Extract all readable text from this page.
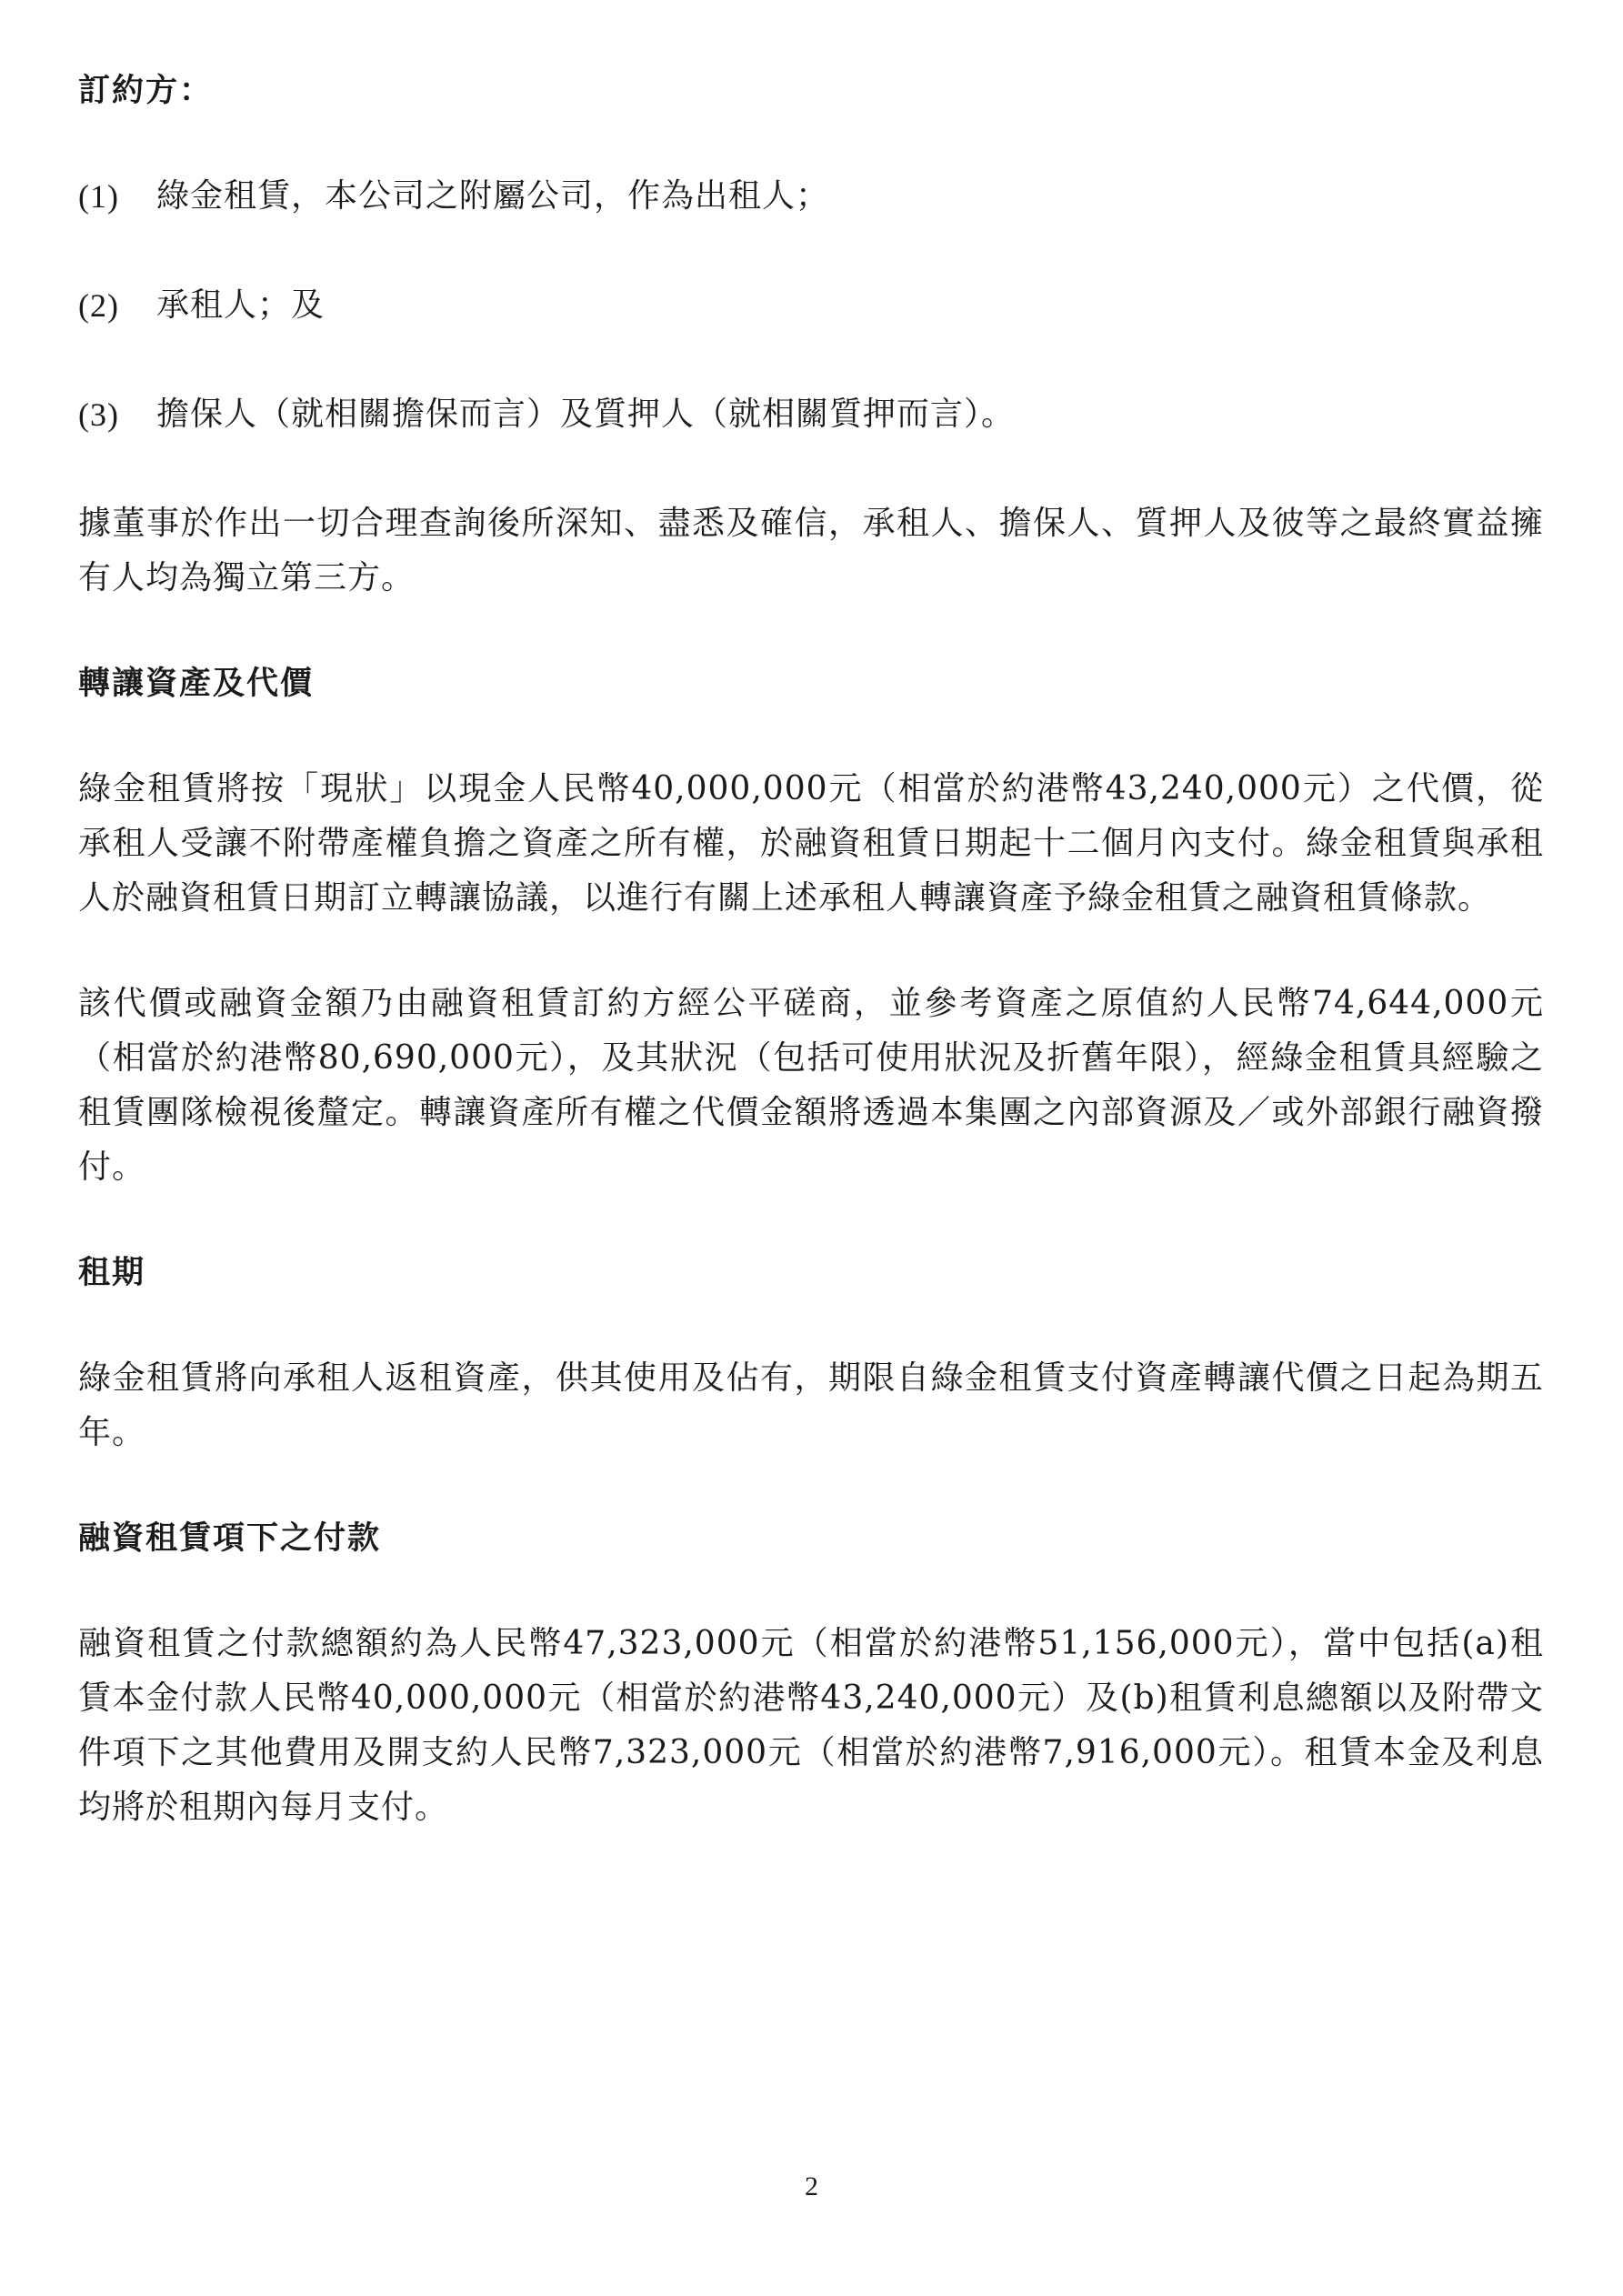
訂約方：
(1)	綠金租賃，本公司之附屬公司，作為出租人；
(2)	承租人；及
(3)	擔保人（就相關擔保而言）及質押人（就相關質押而言）。

據董事於作出一切合理查詢後所深知、盡悉及確信，承租人、擔保人、質押人及彼等之最終實益擁有人均為獨立第三方。

轉讓資產及代價

綠金租賃將按「現狀」以現金人民幣40,000,000元（相當於約港幣43,240,000元）之代價，從承租人受讓不附帶產權負擔之資產之所有權，於融資租賃日期起十二個月內支付。綠金租賃與承租人於融資租賃日期訂立轉讓協議，以進行有關上述承租人轉讓資產予綠金租賃之融資租賃條款。

該代價或融資金額乃由融資租賃訂約方經公平磋商，並參考資產之原值約人民幣74,644,000元（相當於約港幣80,690,000元），及其狀況（包括可使用狀況及折舊年限），經綠金租賃具經驗之租賃團隊檢視後釐定。轉讓資產所有權之代價金額將透過本集團之內部資源及／或外部銀行融資撥付。

租期

綠金租賃將向承租人返租資產，供其使用及佔有，期限自綠金租賃支付資產轉讓代價之日起為期五年。

融資租賃項下之付款

融資租賃之付款總額約為人民幣47,323,000元（相當於約港幣51,156,000元），當中包括(a)租賃本金付款人民幣40,000,000元（相當於約港幣43,240,000元）及(b)租賃利息總額以及附帶文件項下之其他費用及開支約人民幣7,323,000元（相當於約港幣7,916,000元）。租賃本金及利息均將於租期內每月支付。

2
